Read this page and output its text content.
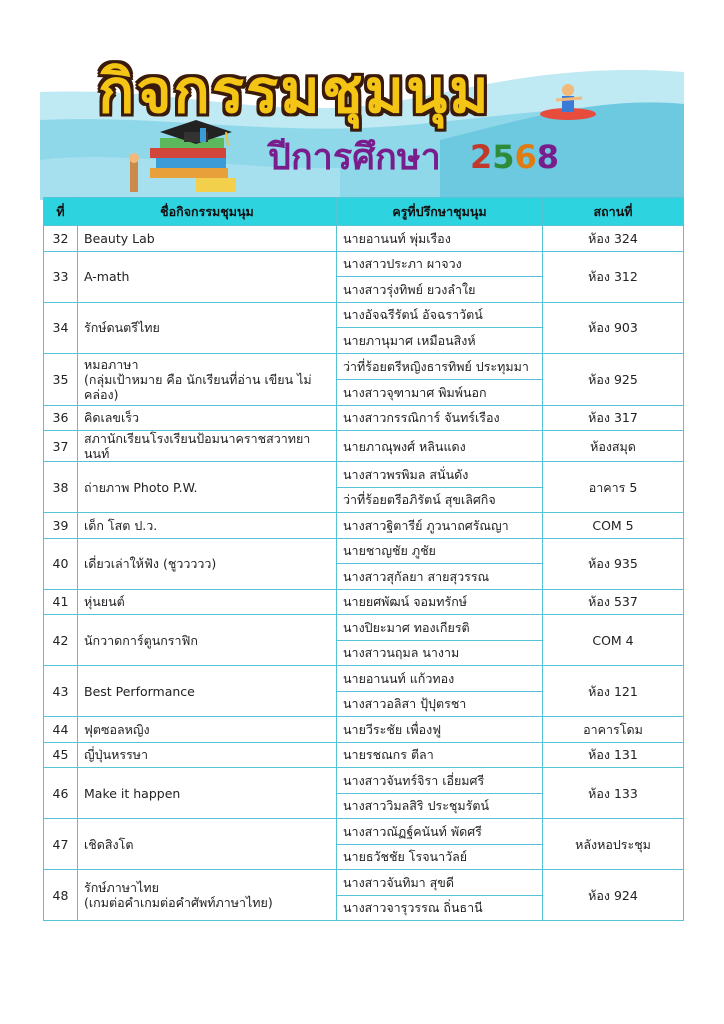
กิจกรรมชุมนุม
ปีการศึกษา 2568
ที่	ชื่อกิจกรรมชุมนุม	ครูที่ปรึกษาชุมนุม	สถานที่
32	Beauty Lab	นายอานนท์ พุ่มเรือง	ห้อง 324
33	A-math	นางสาวประภา ผาจวง	ห้อง 312
		นางสาวรุ่งทิพย์ ยวงลำใย	
34	รักษ์ดนตรีไทย	นางอัจฉรีรัตน์ อัจฉราวัตน์	ห้อง 903
		นายภานุมาศ เหมือนสิงห์	
35	หมอภาษา
(กลุ่มเป้าหมาย คือ นักเรียนที่อ่าน เขียน ไม่คล่อง)	ว่าที่ร้อยตรีหญิงธารทิพย์ ประทุมมา	ห้อง 925
		นางสาวจุฑามาศ พิมพ์นอก	
36	คิดเลขเร็ว	นางสาวกรรณิการ์ จันทร์เรือง	ห้อง 317
37	สภานักเรียนโรงเรียนป้อมนาคราชสวาทยานนท์	นายภาณุพงศ์ หลินแดง	ห้องสมุด
38	ถ่ายภาพ Photo P.W.	นางสาวพรพิมล สนั่นดัง	อาคาร 5
		ว่าที่ร้อยตรีอภิรัตน์ สุขเลิศกิจ	
39	เด็ก โสต ป.ว.	นางสาวฐิตารีย์ ภูวนาถศรัณญา	COM 5
40	เดี่ยวเล่าให้ฟัง (ชูววววว)	นายชาญชัย ภูชัย	ห้อง 935
		นางสาวสุกัลยา สายสุวรรณ	
41	หุ่นยนต์	นายยศพัฒน์ จอมทรักษ์	ห้อง 537
42	นักวาดการ์ตูนกราฟิก	นางปิยะมาศ ทองเกียรติ	COM 4
		นางสาวนฤมล นางาม	
43	Best Performance	นายอานนท์ แก้วทอง	ห้อง 121
		นางสาวอลิสา ปุ้ปุตรชา	
44	ฟุตซอลหญิง	นายวีระชัย เพื่องฟู	อาคารโดม
45	ญี่ปุ่นหรรษา	นายรชณกร ตีลา	ห้อง 131
46	Make it happen	นางสาวจันทร์จิรา เอี่ยมศรี	ห้อง 133
		นางสาววิมลสิริ ประชุมรัตน์	
47	เชิดสิงโต	นางสาวณัฏฐ์คนันท์ พัดศรี	หลังหอประชุม
		นายธวัชชัย โรจนาวัลย์	
48	รักษ์ภาษาไทย
(เกมต่อคำเกมต่อคำศัพท์ภาษาไทย)	นางสาวจันทิมา สุขดี	ห้อง 924
		นางสาวจารุวรรณ ถิ่นธานี	
